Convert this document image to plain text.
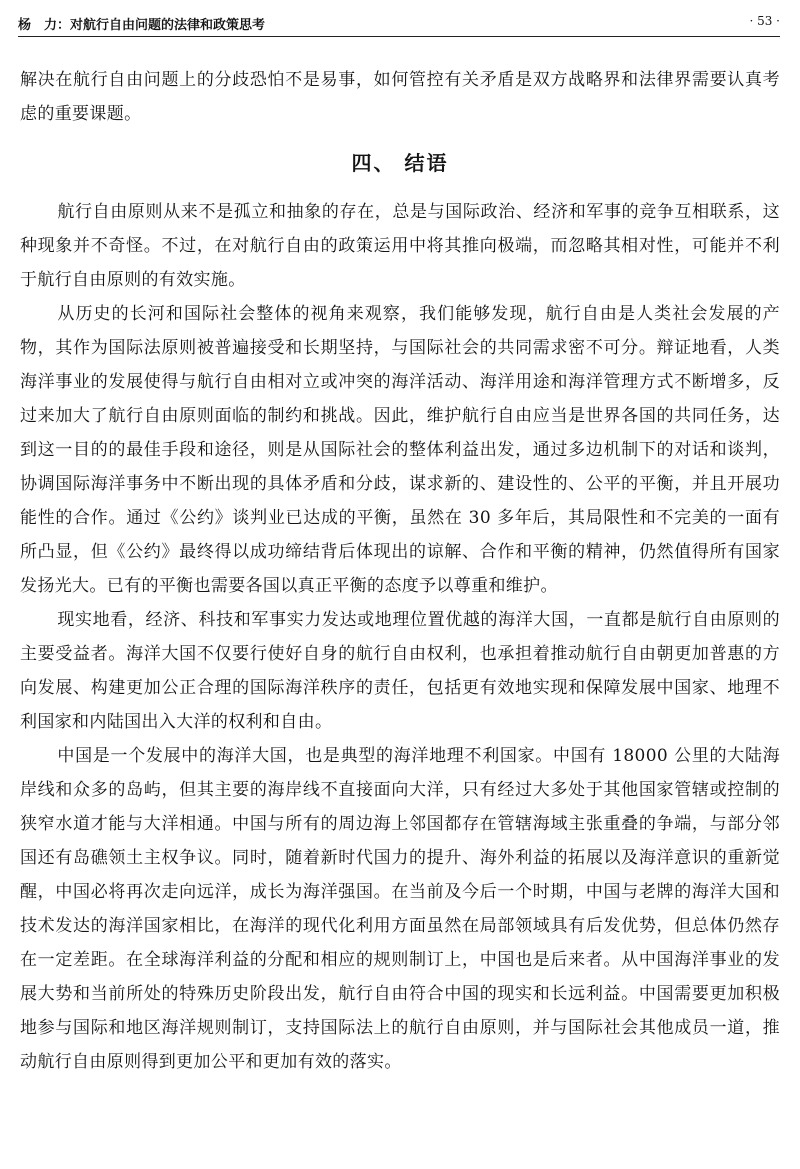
杨　力：对航行自由问题的法律和政策思考	· 53 ·

解决在航行自由问题上的分歧恐怕不是易事，如何管控有关矛盾是双方战略界和法律界需要认真考虑的重要课题。

四、 结语

航行自由原则从来不是孤立和抽象的存在，总是与国际政治、经济和军事的竞争互相联系，这种现象并不奇怪。不过，在对航行自由的政策运用中将其推向极端，而忽略其相对性，可能并不利于航行自由原则的有效实施。

从历史的长河和国际社会整体的视角来观察，我们能够发现，航行自由是人类社会发展的产物，其作为国际法原则被普遍接受和长期坚持，与国际社会的共同需求密不可分。辩证地看，人类海洋事业的发展使得与航行自由相对立或冲突的海洋活动、海洋用途和海洋管理方式不断增多，反过来加大了航行自由原则面临的制约和挑战。因此，维护航行自由应当是世界各国的共同任务，达到这一目的的最佳手段和途径，则是从国际社会的整体利益出发，通过多边机制下的对话和谈判，协调国际海洋事务中不断出现的具体矛盾和分歧，谋求新的、建设性的、公平的平衡，并且开展功能性的合作。通过《公约》谈判业已达成的平衡，虽然在 30 多年后，其局限性和不完美的一面有所凸显，但《公约》最终得以成功缔结背后体现出的谅解、合作和平衡的精神，仍然值得所有国家发扬光大。已有的平衡也需要各国以真正平衡的态度予以尊重和维护。

现实地看，经济、科技和军事实力发达或地理位置优越的海洋大国，一直都是航行自由原则的主要受益者。海洋大国不仅要行使好自身的航行自由权利，也承担着推动航行自由朝更加普惠的方向发展、构建更加公正合理的国际海洋秩序的责任，包括更有效地实现和保障发展中国家、地理不利国家和内陆国出入大洋的权利和自由。

中国是一个发展中的海洋大国，也是典型的海洋地理不利国家。中国有 18000 公里的大陆海岸线和众多的岛屿，但其主要的海岸线不直接面向大洋，只有经过大多处于其他国家管辖或控制的狭窄水道才能与大洋相通。中国与所有的周边海上邻国都存在管辖海域主张重叠的争端，与部分邻国还有岛礁领土主权争议。同时，随着新时代国力的提升、海外利益的拓展以及海洋意识的重新觉醒，中国必将再次走向远洋，成长为海洋强国。在当前及今后一个时期，中国与老牌的海洋大国和技术发达的海洋国家相比，在海洋的现代化利用方面虽然在局部领域具有后发优势，但总体仍然存在一定差距。在全球海洋利益的分配和相应的规则制订上，中国也是后来者。从中国海洋事业的发展大势和当前所处的特殊历史阶段出发，航行自由符合中国的现实和长远利益。中国需要更加积极地参与国际和地区海洋规则制订，支持国际法上的航行自由原则，并与国际社会其他成员一道，推动航行自由原则得到更加公平和更加有效的落实。
